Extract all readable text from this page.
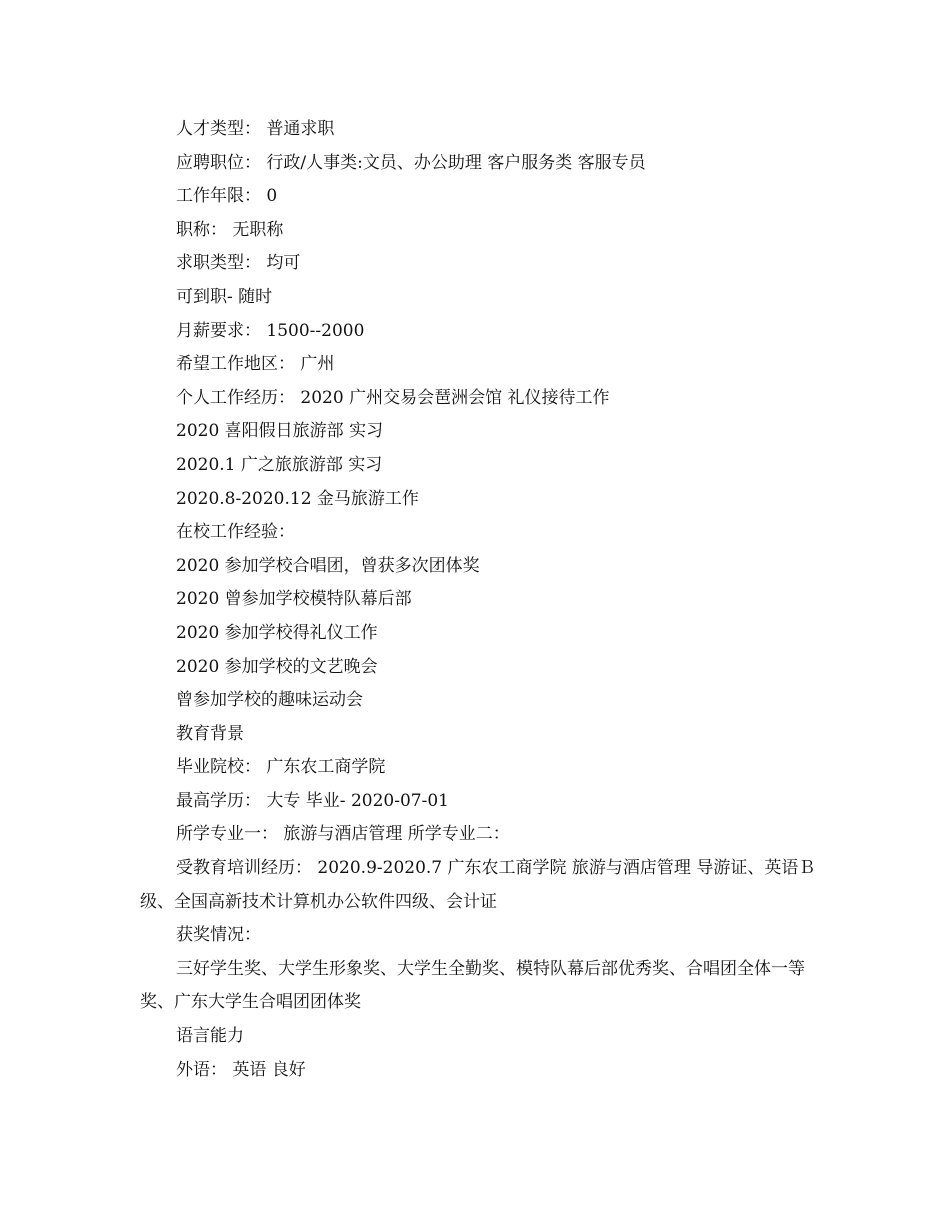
人才类型： 普通求职
应聘职位： 行政/人事类:文员、办公助理 客户服务类 客服专员
工作年限： 0
职称： 无职称
求职类型： 均可
可到职- 随时
月薪要求： 1500--2000
希望工作地区： 广州
个人工作经历： 2020 广州交易会琶洲会馆 礼仪接待工作
2020 喜阳假日旅游部 实习
2020.1 广之旅旅游部 实习
2020.8-2020.12 金马旅游工作
在校工作经验：
2020 参加学校合唱团，曾获多次团体奖
2020 曾参加学校模特队幕后部
2020 参加学校得礼仪工作
2020 参加学校的文艺晚会
曾参加学校的趣味运动会
教育背景
毕业院校： 广东农工商学院
最高学历： 大专 毕业- 2020-07-01
所学专业一： 旅游与酒店管理 所学专业二：
受教育培训经历： 2020.9-2020.7 广东农工商学院 旅游与酒店管理 导游证、英语Ｂ级、全国高新技术计算机办公软件四级、会计证
获奖情况：
三好学生奖、大学生形象奖、大学生全勤奖、模特队幕后部优秀奖、合唱团全体一等奖、广东大学生合唱团团体奖
语言能力
外语： 英语 良好
